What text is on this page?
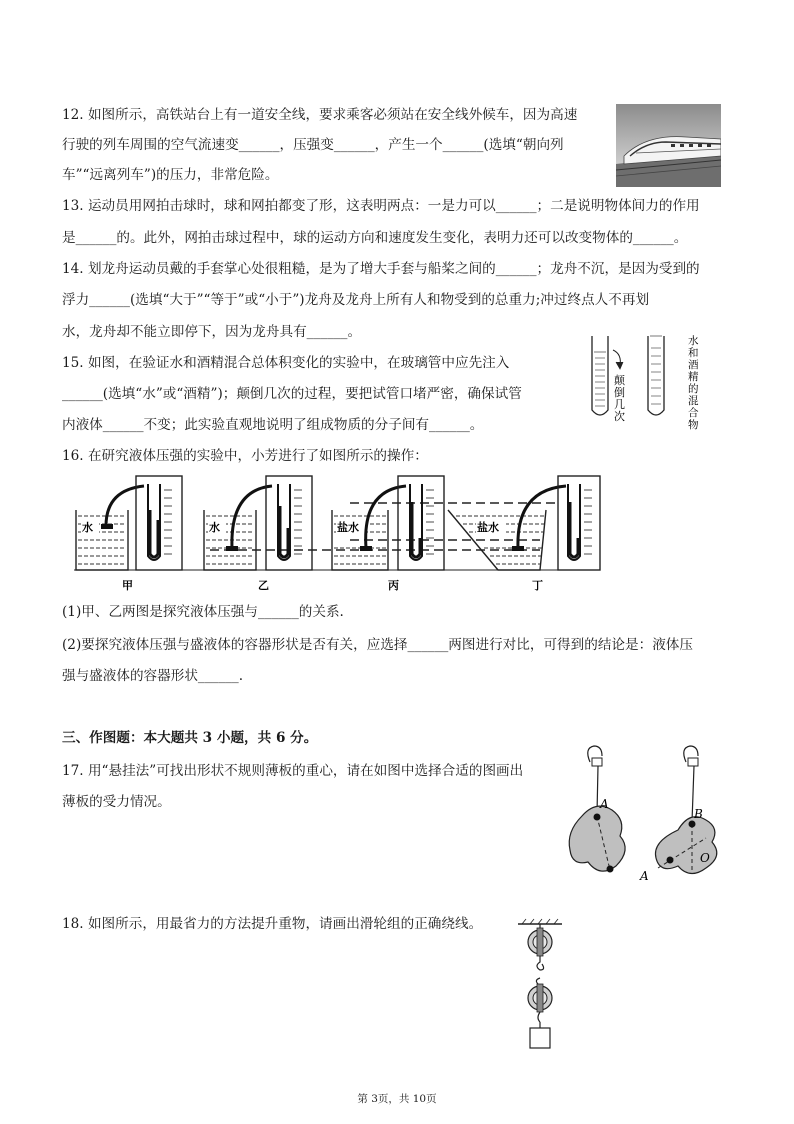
12. 如图所示，高铁站台上有一道安全线，要求乘客必须站在安全线外候车，因为高速
行驶的列车周围的空气流速变______，压强变______，产生一个______(选填“朝向列
车”“远离列车”)的压力，非常危险。
13. 运动员用网拍击球时，球和网拍都变了形，这表明两点：一是力可以______；二是说明物体间力的作用
是______的。此外，网拍击球过程中，球的运动方向和速度发生变化，表明力还可以改变物体的______。
14. 划龙舟运动员戴的手套掌心处很粗糙，是为了增大手套与船桨之间的______；龙舟不沉，是因为受到的
浮力______(选填“大于”“等于”或“小于”)龙舟及龙舟上所有人和物受到的总重力;冲过终点人不再划
水，龙舟却不能立即停下，因为龙舟具有______。
15. 如图，在验证水和酒精混合总体积变化的实验中，在玻璃管中应先注入
______(选填“水”或“酒精”)；颠倒几次的过程，要把试管口堵严密，确保试管
内液体______不变；此实验直观地说明了组成物质的分子间有______。
颠
倒
几
次
水
和
酒
精
的
混
合
物
16. 在研究液体压强的实验中，小芳进行了如图所示的操作：
水	水	盐水	盐水
甲	乙	丙	丁
(1)甲、乙两图是探究液体压强与______的关系.
(2)要探究液体压强与盛液体的容器形状是否有关，应选择______两图进行对比，可得到的结论是：液体压
强与盛液体的容器形状______.
三、作图题：本大题共 3 小题，共 6 分。
17. 用“悬挂法”可找出形状不规则薄板的重心，请在如图中选择合适的图画出
薄板的受力情况。	A
B
A
O
18. 如图所示，用最省力的方法提升重物，请画出滑轮组的正确绕线。
第 3页，共 10页
